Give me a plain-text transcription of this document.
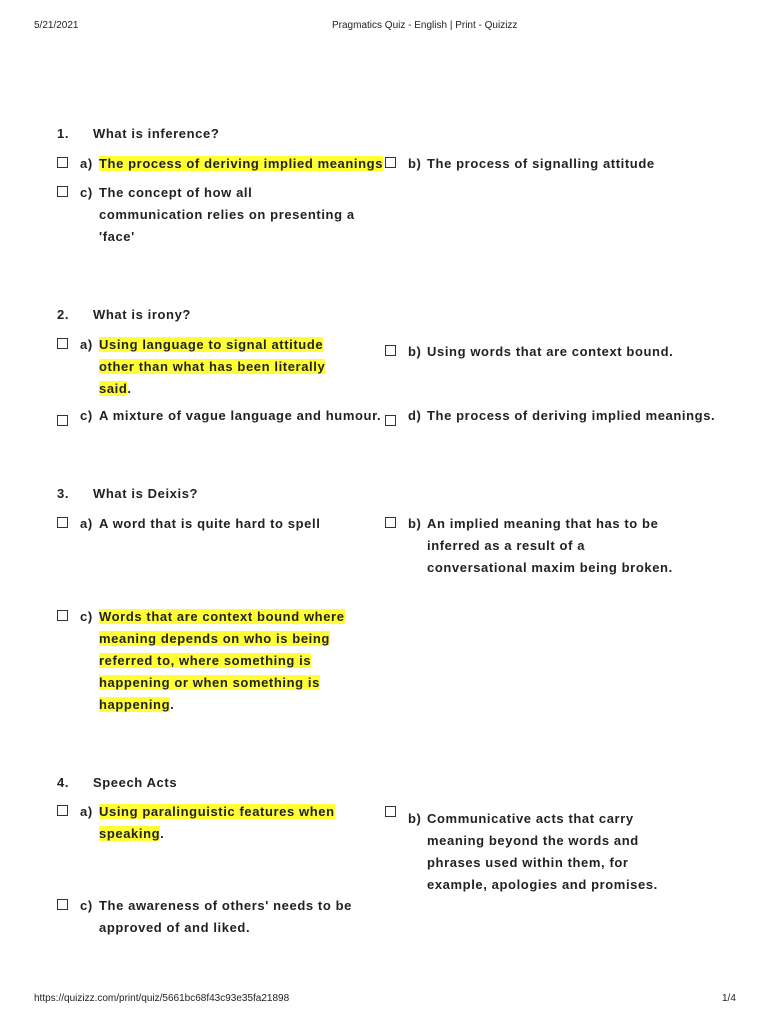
5/21/2021	Pragmatics Quiz - English | Print - Quizizz
1. What is inference?
a) The process of deriving implied meanings	b) The process of signalling attitude
c) The concept of how all communication relies on presenting a 'face'
2. What is irony?
a) Using language to signal attitude other than what has been literally said.
b) Using words that are context bound.
c) A mixture of vague language and humour.	d) The process of deriving implied meanings.
3. What is Deixis?
a) A word that is quite hard to spell	b) An implied meaning that has to be inferred as a result of a conversational maxim being broken.
c) Words that are context bound where meaning depends on who is being referred to, where something is happening or when something is happening.
4. Speech Acts
a) Using paralinguistic features when speaking.
b) Communicative acts that carry meaning beyond the words and phrases used within them, for example, apologies and promises.
c) The awareness of others' needs to be approved of and liked.
https://quizizz.com/print/quiz/5661bc68f43c93e35fa21898	1/4
